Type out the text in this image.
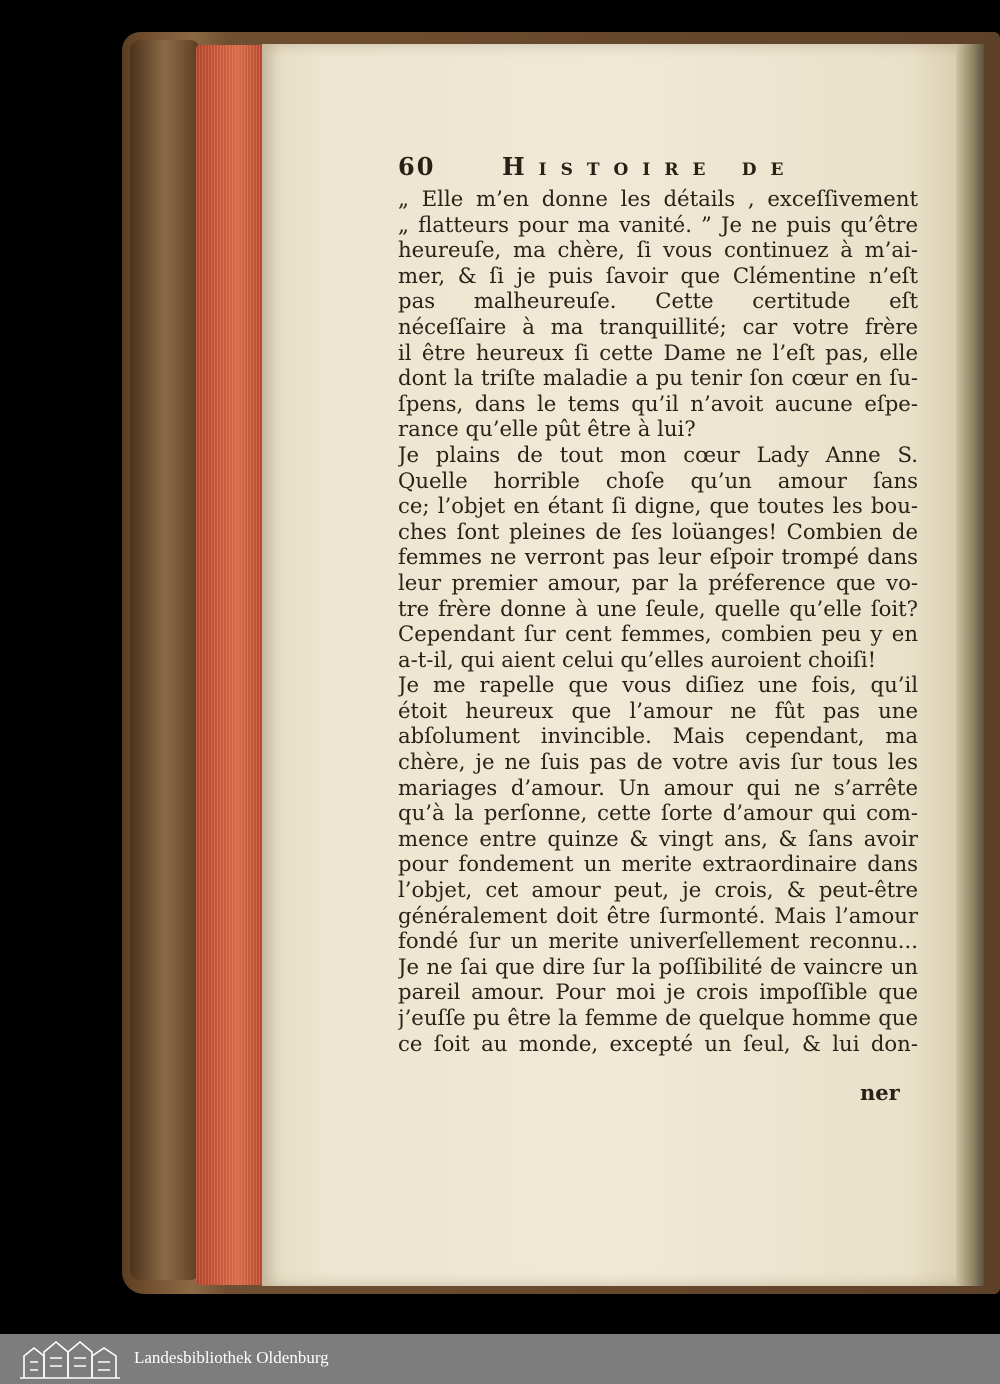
60	Histoire de
„ Elle m’en donne les détails , exceſſivement
„ flatteurs pour ma vanité. ” Je ne puis qu’être
heureuſe, ma chère, ſi vous continuez à m’ai-
mer, & ſi je puis ſavoir que Clémentine n’eſt
pas malheureuſe. Cette certitude eſt
néceſſaire à ma tranquillité; car votre frère
il être heureux ſi cette Dame ne l’eſt pas, elle
dont la triſte maladie a pu tenir ſon cœur en ſu-
ſpens, dans le tems qu’il n’avoit aucune eſpe-
rance qu’elle pût être à lui?
Je plains de tout mon cœur Lady Anne S.
Quelle horrible choſe qu’un amour ſans
ce; l’objet en étant ſi digne, que toutes les bou-
ches ſont pleines de ſes loüanges! Combien de
femmes ne verront pas leur eſpoir trompé dans
leur premier amour, par la préference que vo-
tre frère donne à une ſeule, quelle qu’elle ſoit?
Cependant ſur cent femmes, combien peu y en
a-t-il, qui aient celui qu’elles auroient choiſi!
Je me rapelle que vous diſiez une fois, qu’il
étoit heureux que l’amour ne fût pas une
abſolument invincible. Mais cependant, ma
chère, je ne ſuis pas de votre avis ſur tous les
mariages d’amour. Un amour qui ne s’arrête
qu’à la perſonne, cette ſorte d’amour qui com-
mence entre quinze & vingt ans, & ſans avoir
pour fondement un merite extraordinaire dans
l’objet, cet amour peut, je crois, & peut-être
généralement doit être ſurmonté. Mais l’amour
fondé ſur un merite univerſellement reconnu...
Je ne ſai que dire ſur la poſſibilité de vaincre un
pareil amour. Pour moi je crois impoſſible que
j’euſſe pu être la femme de quelque homme que
ce ſoit au monde, excepté un ſeul, & lui don-
ner
Landesbibliothek Oldenburg
